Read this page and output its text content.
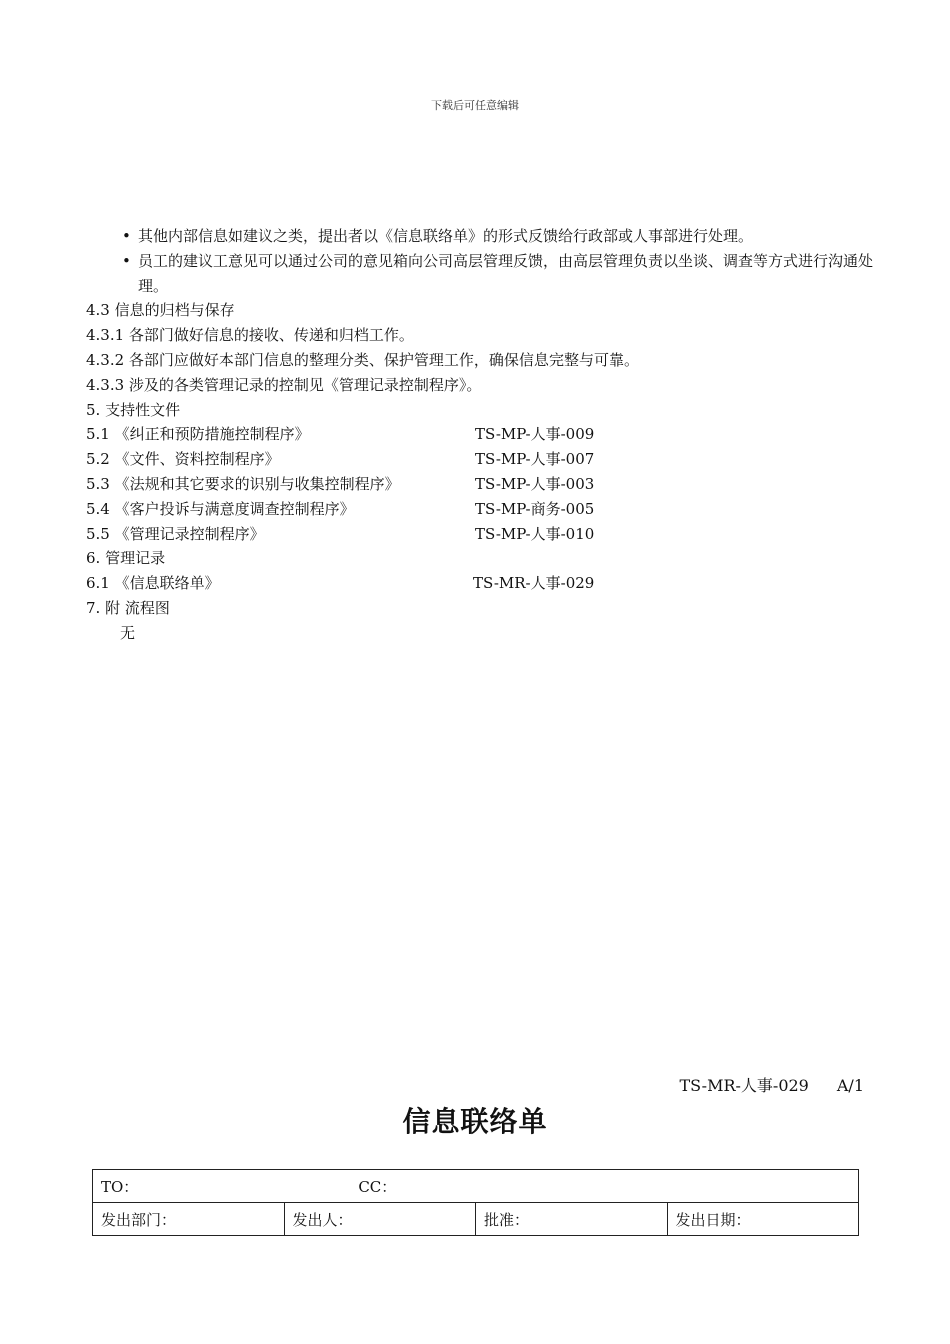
下载后可任意编辑
• 其他内部信息如建议之类，提出者以《信息联络单》的形式反馈给行政部或人事部进行处理。
• 员工的建议工意见可以通过公司的意见箱向公司高层管理反馈，由高层管理负责以坐谈、调查等方式进行沟通处理。
4.3 信息的归档与保存
4.3.1 各部门做好信息的接收、传递和归档工作。
4.3.2 各部门应做好本部门信息的整理分类、保护管理工作，确保信息完整与可靠。
4.3.3 涉及的各类管理记录的控制见《管理记录控制程序》。
5. 支持性文件
5.1 《纠正和预防措施控制程序》	TS-MP-人事-009
5.2 《文件、资料控制程序》	TS-MP-人事-007
5.3 《法规和其它要求的识别与收集控制程序》	TS-MP-人事-003
5.4 《客户投诉与满意度调查控制程序》	TS-MP-商务-005
5.5 《管理记录控制程序》	TS-MP-人事-010
6. 管理记录
6.1 《信息联络单》	TS-MR-人事-029
7. 附 流程图
无
TS-MR-人事-029 A/1
信息联络单
TO：	CC：
发出部门：	发出人：	批准：	发出日期：
